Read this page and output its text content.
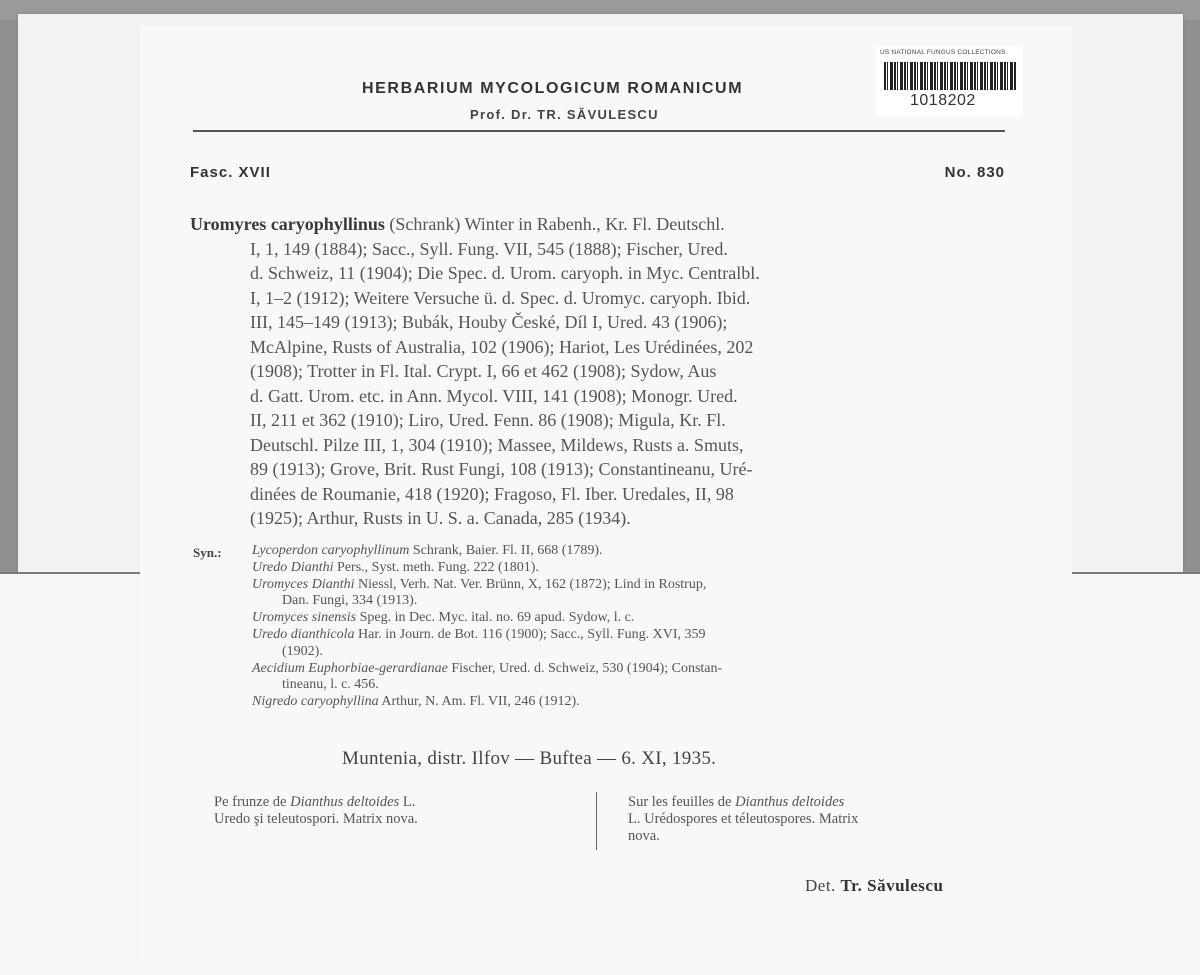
HERBARIUM MYCOLOGICUM ROMANICUM
Prof. Dr. TR. SĂVULESCU
US NATIONAL FUNGUS COLLECTIONS
1018202
Fasc. XVII	No. 830
Uromyres caryophyllinus (Schrank) Winter in Rabenh., Kr. Fl. Deutschl.
I, 1, 149 (1884); Sacc., Syll. Fung. VII, 545 (1888); Fischer, Ured.
d. Schweiz, 11 (1904); Die Spec. d. Urom. caryoph. in Myc. Centralbl.
I, 1–2 (1912); Weitere Versuche ü. d. Spec. d. Uromyc. caryoph. Ibid.
III, 145–149 (1913); Bubák, Houby České, Díl I, Ured. 43 (1906);
McAlpine, Rusts of Australia, 102 (1906); Hariot, Les Urédinées, 202
(1908); Trotter in Fl. Ital. Crypt. I, 66 et 462 (1908); Sydow, Aus
d. Gatt. Urom. etc. in Ann. Mycol. VIII, 141 (1908); Monogr. Ured.
II, 211 et 362 (1910); Liro, Ured. Fenn. 86 (1908); Migula, Kr. Fl.
Deutschl. Pilze III, 1, 304 (1910); Massee, Mildews, Rusts a. Smuts,
89 (1913); Grove, Brit. Rust Fungi, 108 (1913); Constantineanu, Uré-
dinées de Roumanie, 418 (1920); Fragoso, Fl. Iber. Uredales, II, 98
(1925); Arthur, Rusts in U. S. a. Canada, 285 (1934).
Syn.: Lycoperdon caryophyllinum Schrank, Baier. Fl. II, 668 (1789).
Uredo Dianthi Pers., Syst. meth. Fung. 222 (1801).
Uromyces Dianthi Niessl, Verh. Nat. Ver. Brünn, X, 162 (1872); Lind in Rostrup,
Dan. Fungi, 334 (1913).
Uromyces sinensis Speg. in Dec. Myc. ital. no. 69 apud. Sydow, l. c.
Uredo dianthicola Har. in Journ. de Bot. 116 (1900); Sacc., Syll. Fung. XVI, 359
(1902).
Aecidium Euphorbiae-gerardianae Fischer, Ured. d. Schweiz, 530 (1904); Constan-
tineanu, l. c. 456.
Nigredo caryophyllina Arthur, N. Am. Fl. VII, 246 (1912).
Muntenia, distr. Ilfov — Buftea — 6. XI, 1935.
Pe frunze de Dianthus deltoides L.
Uredo şi teleutospori. Matrix nova.
Sur les feuilles de Dianthus deltoides
L. Urédospores et téleutospores. Matrix
nova.
Det. Tr. Săvulescu
